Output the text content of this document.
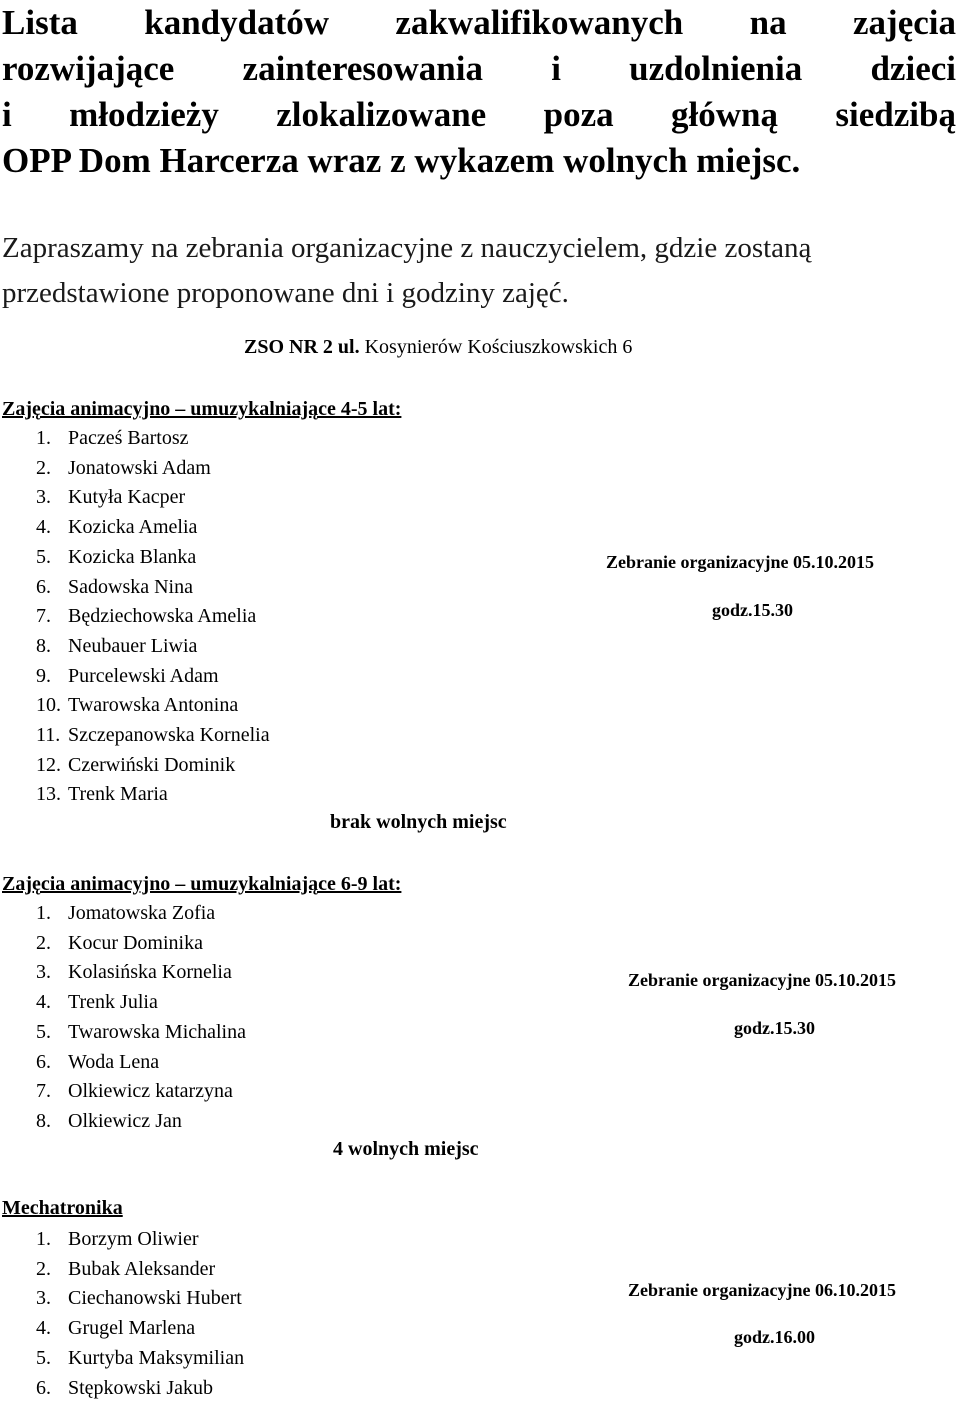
Lista kandydatów zakwalifikowanych na zajęcia
rozwijające zainteresowania i uzdolnienia dzieci
i młodzieży zlokalizowane poza główną siedzibą
OPP Dom Harcerza wraz z wykazem wolnych miejsc.
Zapraszamy na zebrania organizacyjne z nauczycielem, gdzie zostaną przedstawione proponowane dni i godziny zajęć.
ZSO NR 2 ul. Kosynierów Kościuszkowskich 6
Zajęcia animacyjno – umuzykalniające 4-5 lat:
1. Pacześ Bartosz
2. Jonatowski Adam
3. Kutyła Kacper
4. Kozicka Amelia
5. Kozicka Blanka
6. Sadowska Nina
7. Będziechowska Amelia
8. Neubauer Liwia
9. Purcelewski Adam
10. Twarowska Antonina
11. Szczepanowska Kornelia
12. Czerwiński Dominik
13. Trenk Maria
Zebranie organizacyjne 05.10.2015
godz.15.30
brak wolnych miejsc
Zajęcia animacyjno – umuzykalniające 6-9 lat:
1. Jomatowska Zofia
2. Kocur Dominika
3. Kolasińska Kornelia
4. Trenk Julia
5. Twarowska Michalina
6. Woda Lena
7. Olkiewicz katarzyna
8. Olkiewicz Jan
Zebranie organizacyjne 05.10.2015
godz.15.30
4 wolnych miejsc
Mechatronika
1. Borzym Oliwier
2. Bubak Aleksander
3. Ciechanowski Hubert
4. Grugel Marlena
5. Kurtyba Maksymilian
6. Stępkowski Jakub
Zebranie organizacyjne 06.10.2015
godz.16.00
